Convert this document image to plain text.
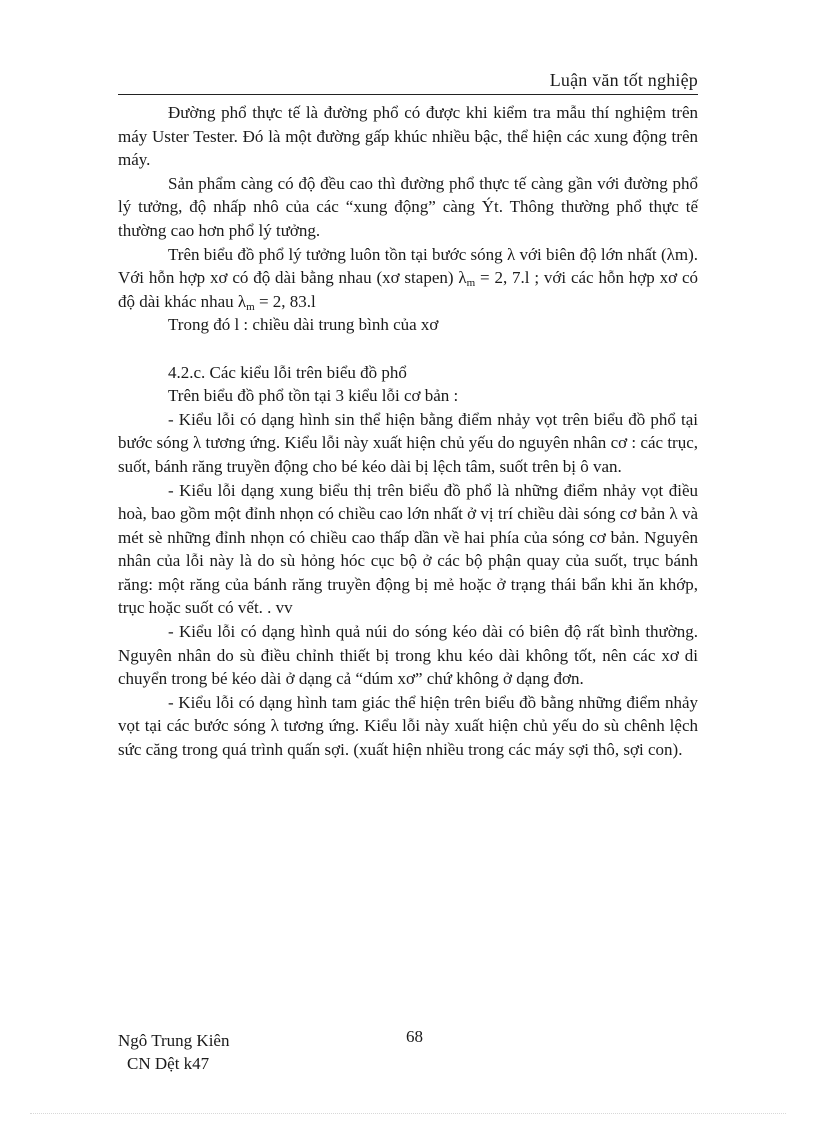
Luận văn tốt nghiệp

Đường phổ thực tế là đường phổ có được khi kiểm tra mẫu thí nghiệm trên máy Uster Tester. Đó là một đường gấp khúc nhiều bậc, thể hiện các xung động trên máy.

Sản phẩm càng có độ đều cao thì đường phổ thực tế càng gần với đường phổ lý tưởng, độ nhấp nhô của các “xung động” càng Ýt. Thông thường phổ thực tế thường cao hơn phổ lý tưởng.

Trên biểu đồ phổ lý tưởng luôn tồn tại bước sóng λ với biên độ lớn nhất (λm). Với hỗn hợp xơ có độ dài bằng nhau (xơ stapen) $\lambda_m = 2$, 7.l ; với các hỗn hợp xơ có độ dài khác nhau $\lambda_m = 2$, 83.l

Trong đó l : chiều dài trung bình của xơ

4.2.c. Các kiểu lỗi trên biểu đồ phổ

Trên biểu đồ phổ tồn tại 3 kiểu lỗi cơ bản :

- Kiểu lỗi có dạng hình sin thể hiện bằng điểm nhảy vọt trên biểu đồ phổ tại bước sóng λ tương ứng. Kiểu lỗi này xuất hiện chủ yếu do nguyên nhân cơ : các trục, suốt, bánh răng truyền động cho bé kéo dài bị lệch tâm, suốt trên bị ô van.

- Kiểu lỗi dạng xung biểu thị trên biểu đồ phổ là những điểm nhảy vọt điều hoà, bao gồm một đỉnh nhọn có chiều cao lớn nhất ở vị trí chiều dài sóng cơ bản λ và mét sè những đỉnh nhọn có chiều cao thấp dần về hai phía của sóng cơ bản. Nguyên nhân của lỗi này là do sù hỏng hóc cục bộ ở các bộ phận quay của suốt, trục bánh răng: một răng của bánh răng truyền động bị mẻ hoặc ở trạng thái bẩn khi ăn khớp, trục hoặc suốt có vết. . vv

- Kiểu lỗi có dạng hình quả núi do sóng kéo dài có biên độ rất bình thường. Nguyên nhân do sù điều chỉnh thiết bị trong khu kéo dài không tốt, nên các xơ di chuyển trong bé kéo dài ở dạng cả “dúm xơ” chứ không ở dạng đơn.

- Kiểu lỗi có dạng hình tam giác thể hiện trên biểu đồ bằng những điểm nhảy vọt tại các bước sóng λ tương ứng. Kiểu lỗi này xuất hiện chủ yếu do sù chênh lệch sức căng trong quá trình quấn sợi. (xuất hiện nhiều trong các máy sợi thô, sợi con).

Ngô Trung Kiên
CN Dệt k47
68
